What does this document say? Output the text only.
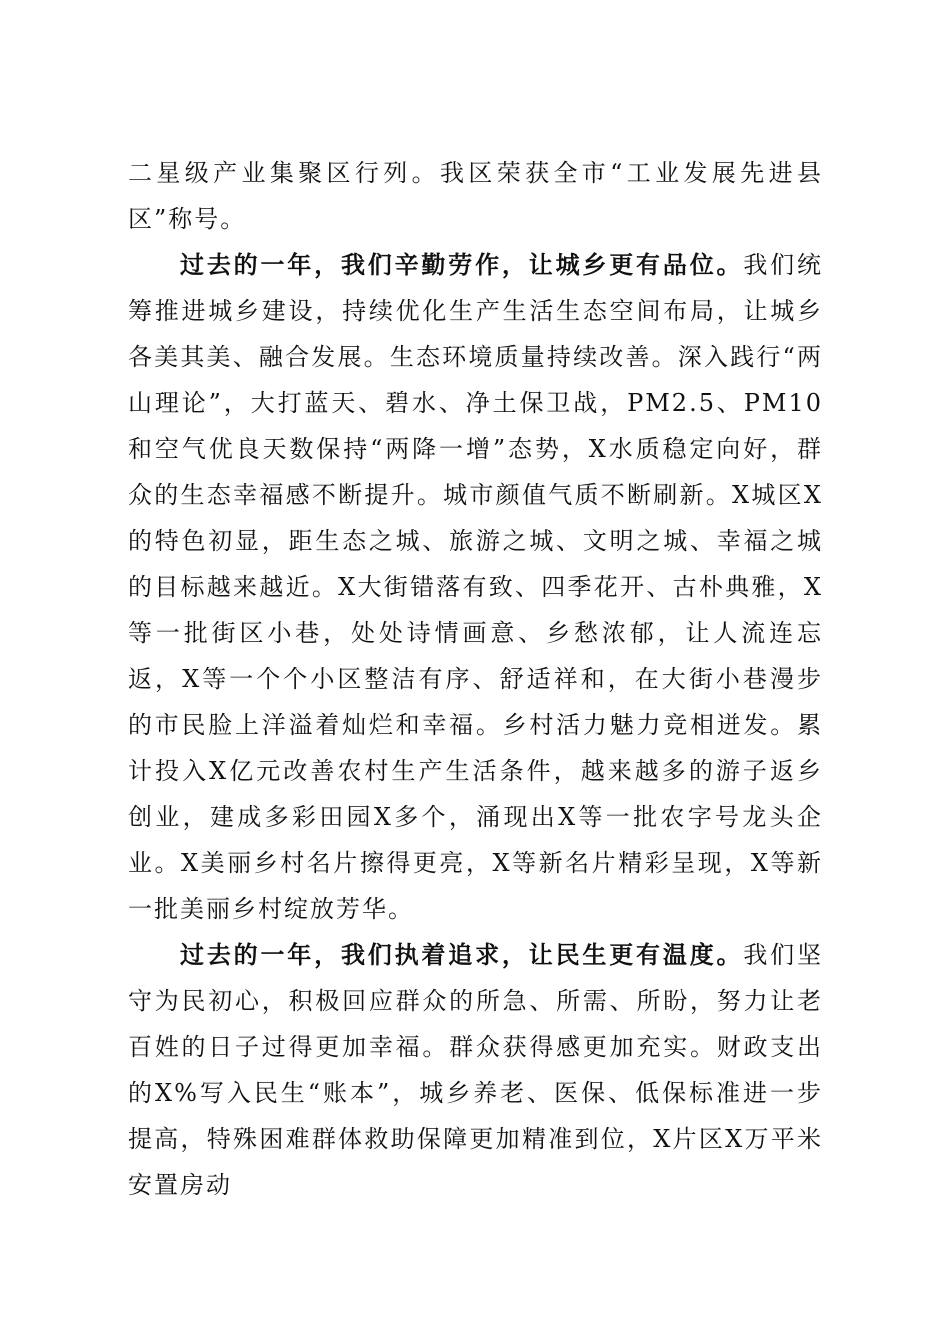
二星级产业集聚区行列。我区荣获全市“工业发展先进县区”称号。

过去的一年，我们辛勤劳作，让城乡更有品位。我们统筹推进城乡建设，持续优化生产生活生态空间布局，让城乡各美其美、融合发展。生态环境质量持续改善。深入践行“两山理论”，大打蓝天、碧水、净土保卫战，PM2.5、PM10和空气优良天数保持“两降一增”态势，X水质稳定向好，群众的生态幸福感不断提升。城市颜值气质不断刷新。X城区X的特色初显，距生态之城、旅游之城、文明之城、幸福之城的目标越来越近。X大街错落有致、四季花开、古朴典雅，X等一批街区小巷，处处诗情画意、乡愁浓郁，让人流连忘返，X等一个个小区整洁有序、舒适祥和，在大街小巷漫步的市民脸上洋溢着灿烂和幸福。乡村活力魅力竞相迸发。累计投入X亿元改善农村生产生活条件，越来越多的游子返乡创业，建成多彩田园X多个，涌现出X等一批农字号龙头企业。X美丽乡村名片擦得更亮，X等新名片精彩呈现，X等新一批美丽乡村绽放芳华。

过去的一年，我们执着追求，让民生更有温度。我们坚守为民初心，积极回应群众的所急、所需、所盼，努力让老百姓的日子过得更加幸福。群众获得感更加充实。财政支出的X%写入民生“账本”，城乡养老、医保、低保标准进一步提高，特殊困难群体救助保障更加精准到位，X片区X万平米安置房动
